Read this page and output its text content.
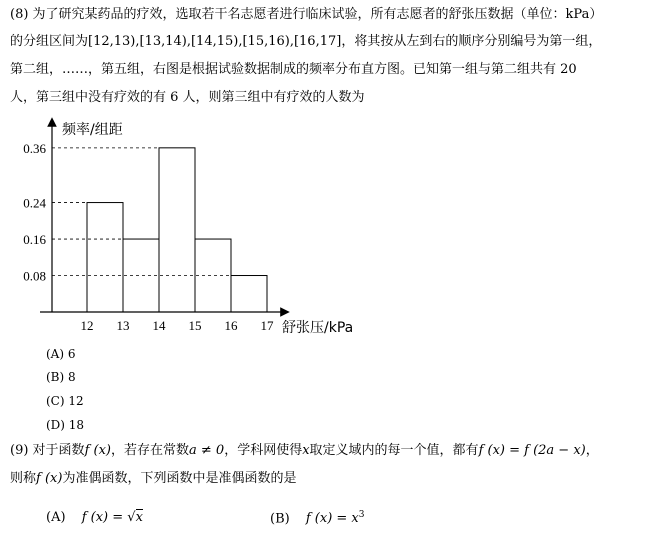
(8) 为了研究某药品的疗效，选取若干名志愿者进行临床试验，所有志愿者的舒张压数据（单位：kPa）
的分组区间为[12,13),[13,14),[14,15),[15,16),[16,17]，将其按从左到右的顺序分别编号为第一组，
第二组，……，第五组，右图是根据试验数据制成的频率分布直方图。已知第一组与第二组共有 20
人，第三组中没有疗效的有 6 人，则第三组中有疗效的人数为
频率/组距
舒张压/kPa
0.08
0.16
0.24
0.36
12 13 14 15 16 17
(A) 6
(B) 8
(C) 12
(D) 18
(9) 对于函数f (x)，若存在常数a ≠ 0，学科网使得x取定义域内的每一个值，都有f (x) = f (2a − x)，
则称f (x)为准偶函数，下列函数中是准偶函数的是
(A) f (x) = √x	(B) f $(x) = x^3$
